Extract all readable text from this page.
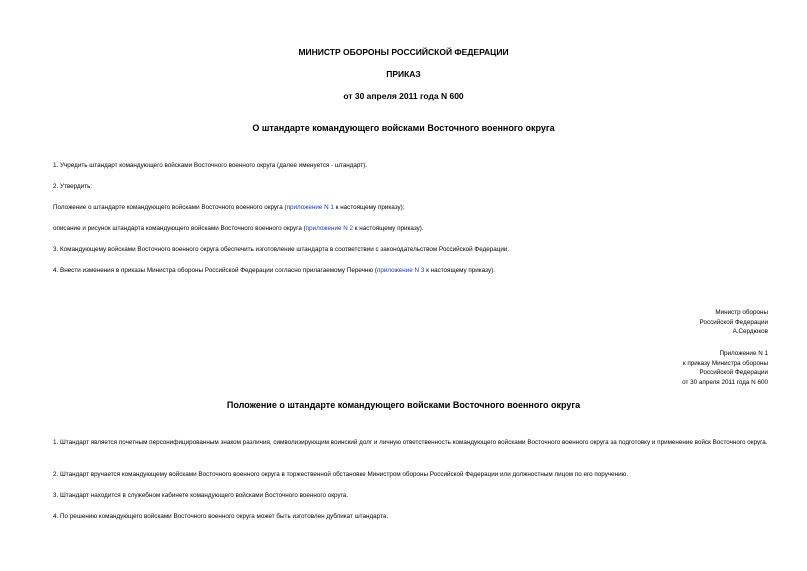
МИНИСТР ОБОРОНЫ РОССИЙСКОЙ ФЕДЕРАЦИИ
ПРИКАЗ
от 30 апреля 2011 года N 600
О штандарте командующего войсками Восточного военного округа
1. Учредить штандарт командующего войсками Восточного военного округа (далее именуется - штандарт).
2. Утвердить:
Положение о штандарте командующего войсками Восточного военного округа (приложение N 1 к настоящему приказу);
описание и рисунок штандарта командующего войсками Восточного военного округа (приложение N 2 к настоящему приказу).
3. Командующему войсками Восточного военного округа обеспечить изготовление штандарта в соответствии с законодательством Российской Федерации.
4. Внести изменения в приказы Министра обороны Российской Федерации согласно прилагаемому Перечню (приложение N 3 к настоящему приказу).
Министр обороны
Российской Федерации
А.Сердюков
Приложение N 1
к приказу Министра обороны
Российской Федерации
от 30 апреля 2011 года N 600
Положение о штандарте командующего войсками Восточного военного округа
1. Штандарт является почетным персонифицированным знаком различия, символизирующим воинский долг и личную ответственность командующего войсками Восточного военного округа за подготовку и применение войск Восточного округа.
2. Штандарт вручается командующему войсками Восточного военного округа в торжественной обстановке Министром обороны Российской Федерации или должностным лицом по его поручению.
3. Штандарт находится в служебном кабинете командующего войсками Восточного военного округа.
4. По решению командующего войсками Восточного военного округа может быть изготовлен дубликат штандарта.
